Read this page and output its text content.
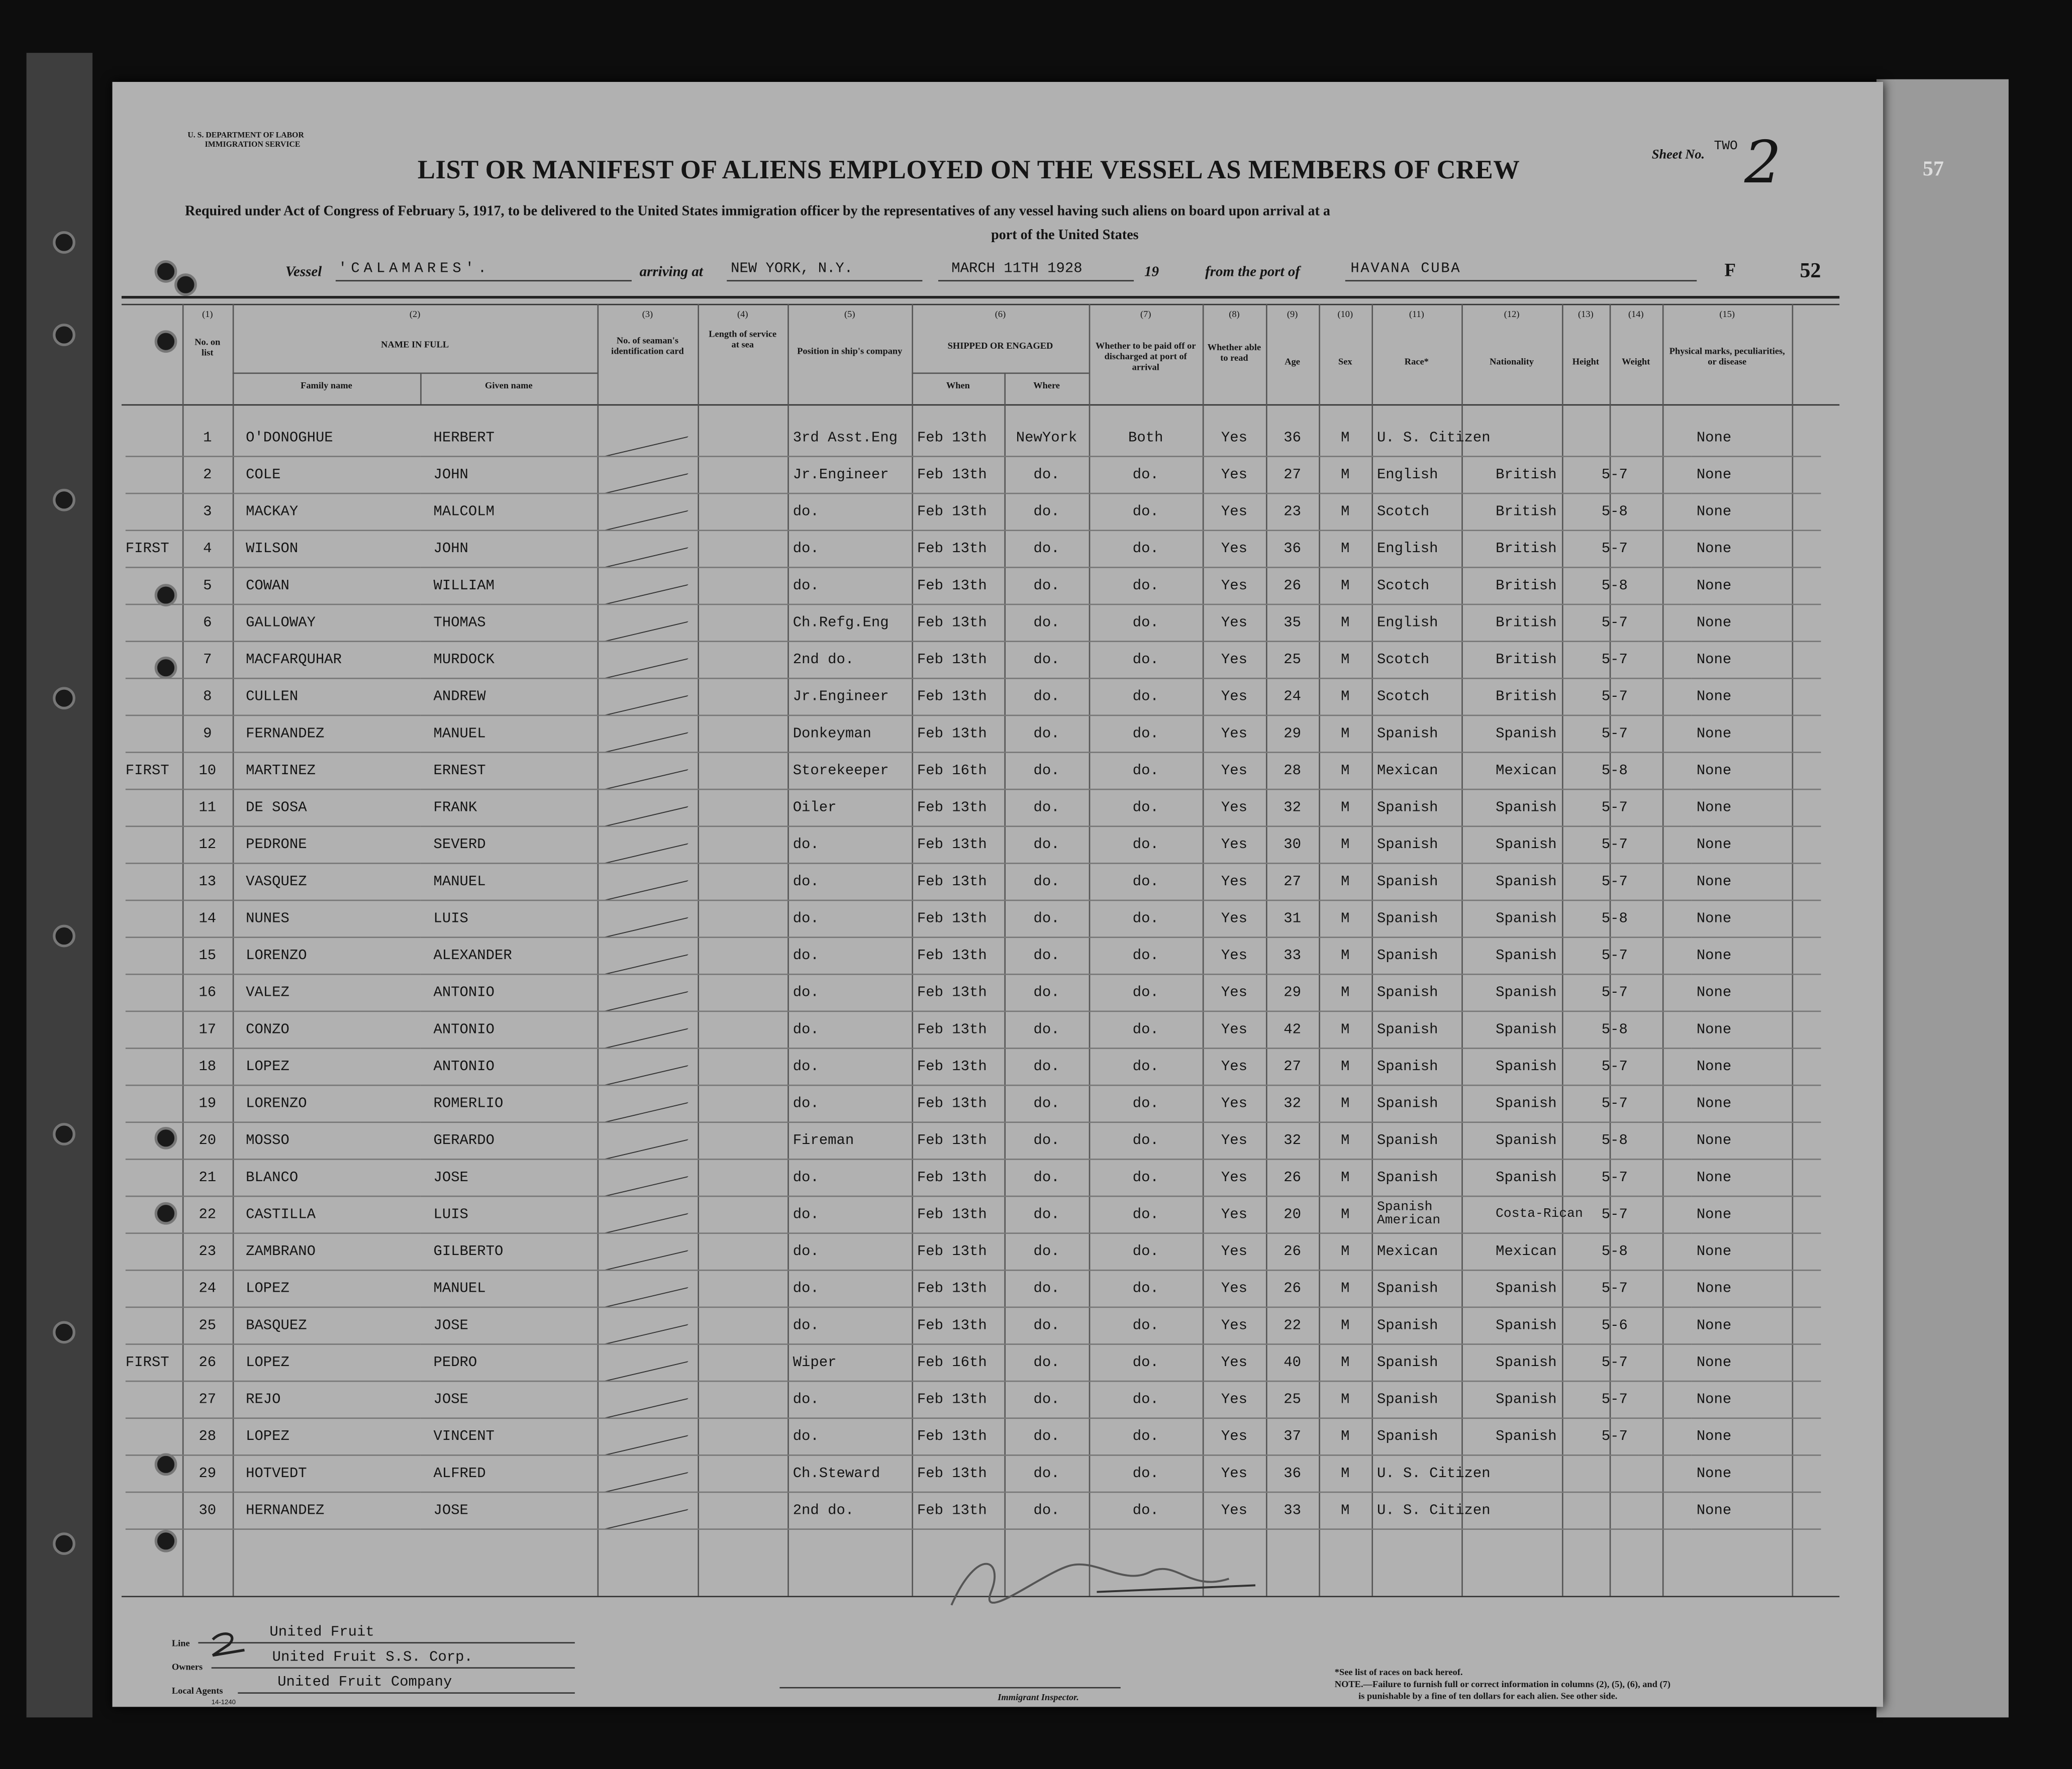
U. S. DEPARTMENT OF LABOR
IMMIGRATION SERVICE
LIST OR MANIFEST OF ALIENS EMPLOYED ON THE VESSEL AS MEMBERS OF CREW
Required under Act of Congress of February 5, 1917, to be delivered to the United States immigration officer by the representatives of any vessel having such aliens on board upon arrival at a
port of the United States
Sheet No.
TWO 2	57
52
F
Vessel	'CALAMARES'.	arriving at	NEW YORK, N.Y.	MARCH 11TH 1928	19	from the port of	HAVANA CUBA
(1)	(2)	(3)	(4)	(5)	(6)	(7)	(8)	(9)	(10)	(11)	(12)	(13)	(14)	(15)
No. on list
NAME IN FULL
Family name	Given name
No. of seaman's identification card
Length of service at sea
Position in ship's company	SHIPPED OR ENGAGED
When	Where
Whether to be paid off or discharged at port of arrival
Whether able to read	Age	Sex	Race*	Nationality	Height	Weight
Physical marks, peculiarities, or disease
	1	O'DONOGHUE	HERBERT			3rd Asst.Eng	Feb 13th	NewYork	Both	Yes	36	M	U. S. Citizen				None
	2	COLE	JOHN			Jr.Engineer	Feb 13th	do.	do.	Yes	27	M	English	British	5-7		None
	3	MACKAY	MALCOLM			do.	Feb 13th	do.	do.	Yes	23	M	Scotch	British	5-8		None
FIRST	4	WILSON	JOHN			do.	Feb 13th	do.	do.	Yes	36	M	English	British	5-7		None
	5	COWAN	WILLIAM			do.	Feb 13th	do.	do.	Yes	26	M	Scotch	British	5-8		None
	6	GALLOWAY	THOMAS			Ch.Refg.Eng	Feb 13th	do.	do.	Yes	35	M	English	British	5-7		None
	7	MACFARQUHAR	MURDOCK			2nd do.	Feb 13th	do.	do.	Yes	25	M	Scotch	British	5-7		None
	8	CULLEN	ANDREW			Jr.Engineer	Feb 13th	do.	do.	Yes	24	M	Scotch	British	5-7		None
	9	FERNANDEZ	MANUEL			Donkeyman	Feb 13th	do.	do.	Yes	29	M	Spanish	Spanish	5-7		None
FIRST	10	MARTINEZ	ERNEST			Storekeeper	Feb 16th	do.	do.	Yes	28	M	Mexican	Mexican	5-8		None
	11	DE SOSA	FRANK			Oiler	Feb 13th	do.	do.	Yes	32	M	Spanish	Spanish	5-7		None
	12	PEDRONE	SEVERD			do.	Feb 13th	do.	do.	Yes	30	M	Spanish	Spanish	5-7		None
	13	VASQUEZ	MANUEL			do.	Feb 13th	do.	do.	Yes	27	M	Spanish	Spanish	5-7		None
	14	NUNES	LUIS			do.	Feb 13th	do.	do.	Yes	31	M	Spanish	Spanish	5-8		None
	15	LORENZO	ALEXANDER			do.	Feb 13th	do.	do.	Yes	33	M	Spanish	Spanish	5-7		None
	16	VALEZ	ANTONIO			do.	Feb 13th	do.	do.	Yes	29	M	Spanish	Spanish	5-7		None
	17	CONZO	ANTONIO			do.	Feb 13th	do.	do.	Yes	42	M	Spanish	Spanish	5-8		None
	18	LOPEZ	ANTONIO			do.	Feb 13th	do.	do.	Yes	27	M	Spanish	Spanish	5-7		None
	19	LORENZO	ROMERLIO			do.	Feb 13th	do.	do.	Yes	32	M	Spanish	Spanish	5-7		None
	20	MOSSO	GERARDO			Fireman	Feb 13th	do.	do.	Yes	32	M	Spanish	Spanish	5-8		None
	21	BLANCO	JOSE			do.	Feb 13th	do.	do.	Yes	26	M	Spanish	Spanish	5-7		None
	22	CASTILLA	LUIS			do.	Feb 13th	do.	do.	Yes	20	M	Spanish American	Costa-Rican	5-7		None
	23	ZAMBRANO	GILBERTO			do.	Feb 13th	do.	do.	Yes	26	M	Mexican	Mexican	5-8		None
	24	LOPEZ	MANUEL			do.	Feb 13th	do.	do.	Yes	26	M	Spanish	Spanish	5-7		None
	25	BASQUEZ	JOSE			do.	Feb 13th	do.	do.	Yes	22	M	Spanish	Spanish	5-6		None
FIRST	26	LOPEZ	PEDRO			Wiper	Feb 16th	do.	do.	Yes	40	M	Spanish	Spanish	5-7		None
	27	REJO	JOSE			do.	Feb 13th	do.	do.	Yes	25	M	Spanish	Spanish	5-7		None
	28	LOPEZ	VINCENT			do.	Feb 13th	do.	do.	Yes	37	M	Spanish	Spanish	5-7		None
	29	HOTVEDT	ALFRED			Ch.Steward	Feb 13th	do.	do.	Yes	36	M	U. S. Citizen				None
	30	HERNANDEZ	JOSE			2nd do.	Feb 13th	do.	do.	Yes	33	M	U. S. Citizen				None
Line
United Fruit
Owners
United Fruit S.S. Corp.
Local Agents
United Fruit Company
14-1240
Immigrant Inspector.
*See list of races on back hereof.
NOTE.—Failure to furnish full or correct information in columns (2), (5), (6), and (7)
is punishable by a fine of ten dollars for each alien. See other side.
